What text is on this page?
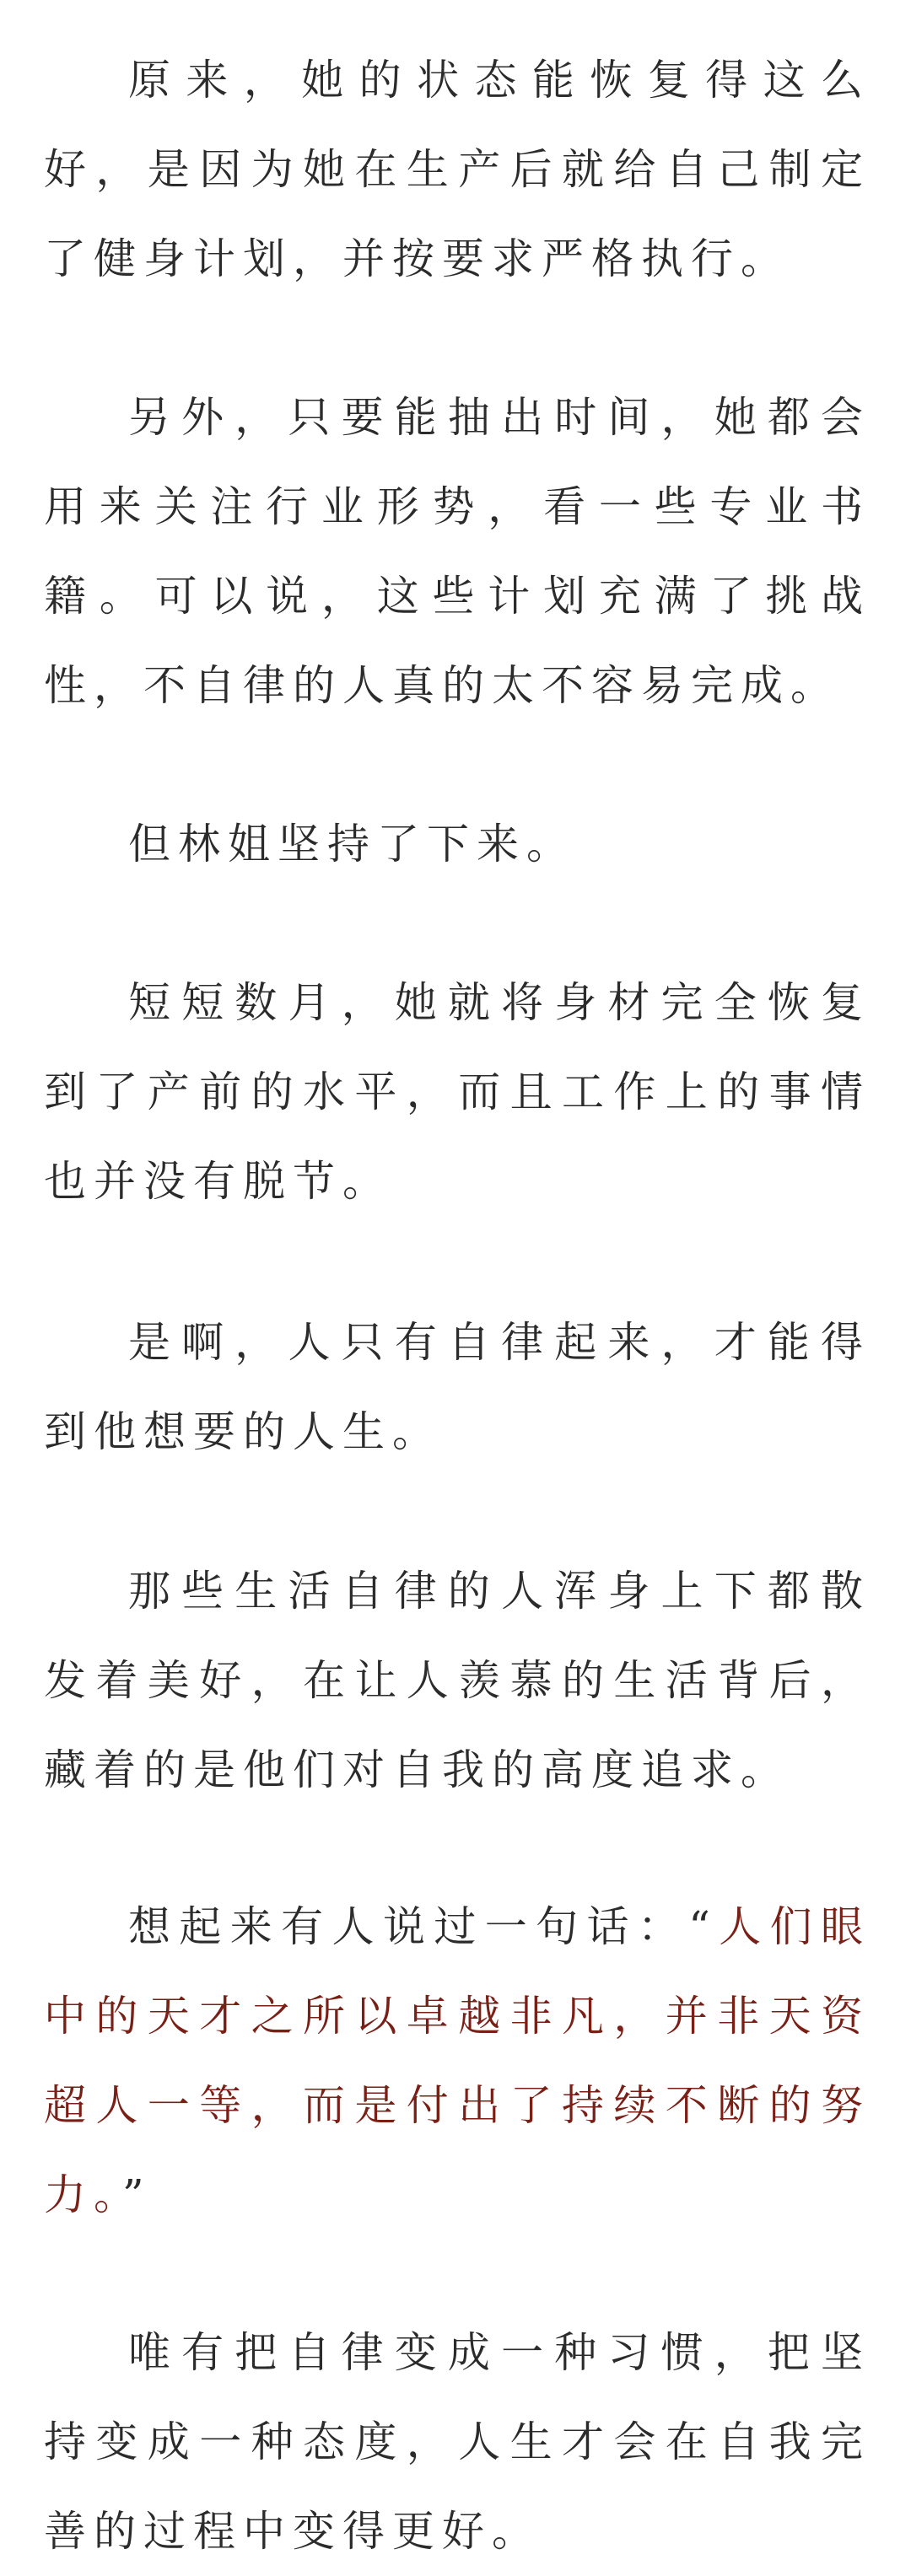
原来，她的状态能恢复得这么好，是因为她在生产后就给自己制定了健身计划，并按要求严格执行。

另外，只要能抽出时间，她都会用来关注行业形势，看一些专业书籍。可以说，这些计划充满了挑战性，不自律的人真的太不容易完成。

但林姐坚持了下来。

短短数月，她就将身材完全恢复到了产前的水平，而且工作上的事情也并没有脱节。

是啊，人只有自律起来，才能得到他想要的人生。

那些生活自律的人浑身上下都散发着美好，在让人羡慕的生活背后，藏着的是他们对自我的高度追求。

想起来有人说过一句话：“人们眼中的天才之所以卓越非凡，并非天资超人一等，而是付出了持续不断的努力。”

唯有把自律变成一种习惯，把坚持变成一种态度，人生才会在自我完善的过程中变得更好。
